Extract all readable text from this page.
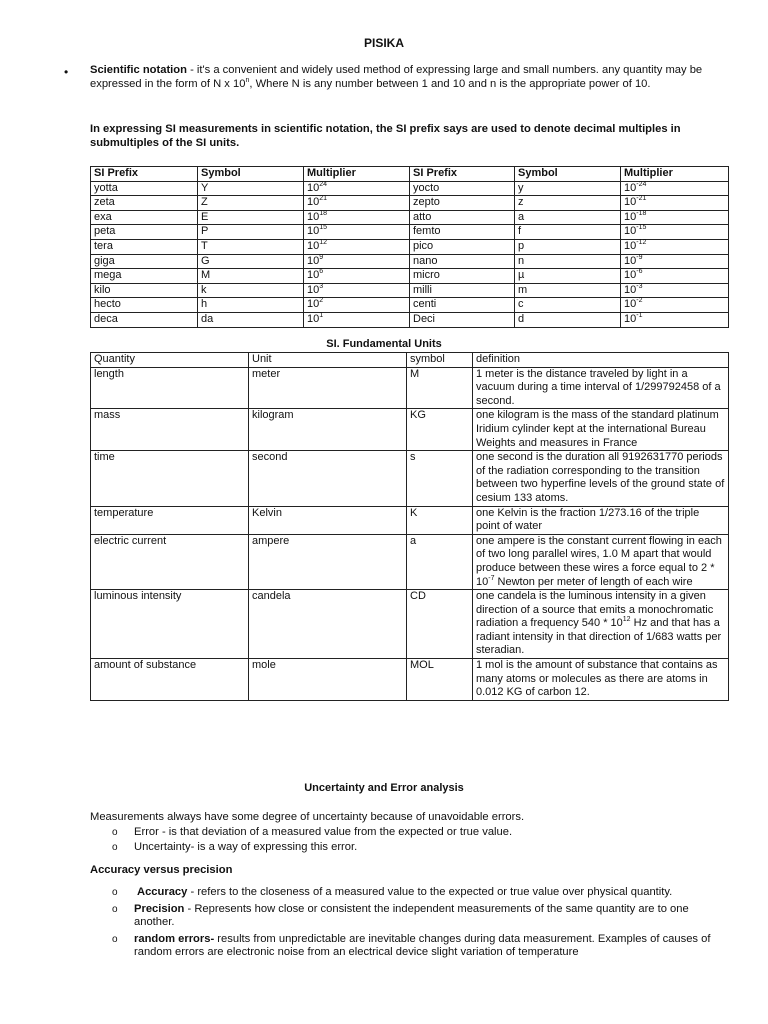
PISIKA
• Scientific notation - it's a convenient and widely used method of expressing large and small numbers. any quantity may be expressed in the form of N x 10$^n$, Where N is any number between 1 and 10 and n is the appropriate power of 10.
In expressing SI measurements in scientific notation, the SI prefix says are used to denote decimal multiples in submultiples of the SI units.
SI Prefix	Symbol	Multiplier	SI Prefix	Symbol	Multiplier
yotta	Y	$10^{24}$	yocto	y	$10^{-24}$
zeta	Z	$10^{21}$	zepto	z	$10^{-21}$
exa	E	$10^{18}$	atto	a	$10^{-18}$
peta	P	$10^{15}$	femto	f	$10^{-15}$
tera	T	$10^{12}$	pico	p	$10^{-12}$
giga	G	$10^9$	nano	n	$10^{-9}$
mega	M	$10^6$	micro	µ	$10^{-6}$
kilo	k	$10^3$	milli	m	$10^{-3}$
hecto	h	$10^2$	centi	c	$10^{-2}$
deca	da	$10^1$	Deci	d	$10^{-1}$
SI. Fundamental Units
Quantity	Unit	symbol	definition
length	meter	M	1 meter is the distance traveled by light in a vacuum during a time interval of 1/299792458 of a second.
mass	kilogram	KG	one kilogram is the mass of the standard platinum Iridium cylinder kept at the international Bureau Weights and measures in France
time	second	s	one second is the duration all 9192631770 periods of the radiation corresponding to the transition between two hyperfine levels of the ground state of cesium 133 atoms.
temperature	Kelvin	K	one Kelvin is the fraction 1/273.16 of the triple point of water
electric current	ampere	a	one ampere is the constant current flowing in each of two long parallel wires, 1.0 M apart that would produce between these wires a force equal to $2 * 10^{-7}$ Newton per meter of length of each wire
luminous intensity	candela	CD	one candela is the luminous intensity in a given direction of a source that emits a monochromatic radiation a frequency $540 * 10^{12}$ Hz and that has a radiant intensity in that direction of 1/683 watts per steradian.
amount of substance	mole	MOL	1 mol is the amount of substance that contains as many atoms or molecules as there are atoms in 0.012 KG of carbon 12.
Uncertainty and Error analysis
Measurements always have some degree of uncertainty because of unavoidable errors.
o Error - is that deviation of a measured value from the expected or true value.
o Uncertainty- is a way of expressing this error.
Accuracy versus precision
o Accuracy - refers to the closeness of a measured value to the expected or true value over physical quantity.
o Precision - Represents how close or consistent the independent measurements of the same quantity are to one another.
o random errors- results from unpredictable are inevitable changes during data measurement. Examples of causes of random errors are electronic noise from an electrical device slight variation of temperature
